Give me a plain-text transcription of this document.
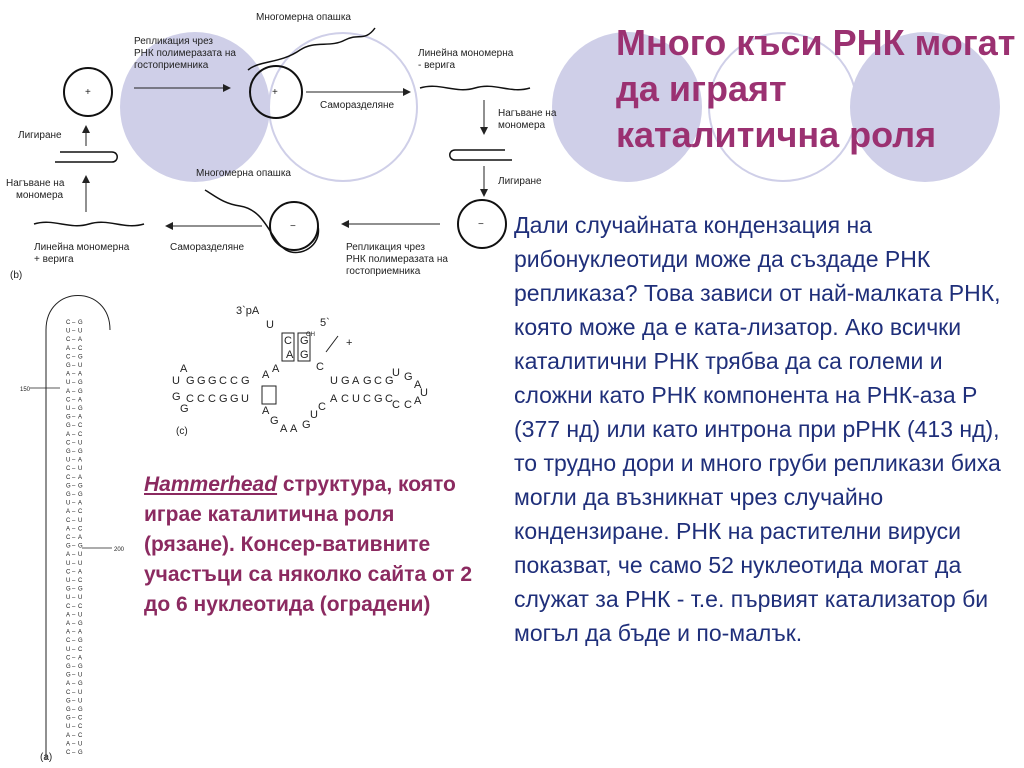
+
Репликация чрез
РНК полимеразата на
гостоприемника
+
Многомерна опашка
Саморазделяне
Линейна мономерна
- верига
Нагъване на
мономера
Лигиране
−
Репликация чрез
РНК полимеразата на
гостоприемника
−
Многомерна опашка
Саморазделяне
Линейна мономерна
+ верига
Нагъване на
мономера
Лигиране
(b)
150
200
C G
–
A U
–
A C
–
U C
–
G C
–
G G
–
G U
–
C U
–
A G
–
G U
–
G G
–
C A
–
U C
–
C G
–
A A
–
A G
–
A U
–
C C
–
U U
–
G G
–
U C
–
C A
–
U U
–
A U
–
G G
–
C A
–
A C
–
C U
–
A C
–
U A
–
G G
–
G G
–
C A
–
C U
–
U A
–
G G
–
C U
–
A C
–
G C
–
G A
–
U G
–
C A
–
A G
–
U G
–
A A
–
G U
–
C G
–
A C
–
C A
–
U U
–
C G
–
(a)
3`pA
5`
OH
+
G G G C C G
C C C G G U
U G A G C G
A C U C G C
A
U
G
G
U G
A
U
C C A
U
C
A
G
G
A
A
A
G
A A G
U
C
C
(c)
Много къси РНК могат да играят каталитична роля

Hammerhead структура, която играе каталитична роля (рязане). Консер-вативните участъци са няколко сайта от 2 до 6 нуклеотида (оградени)

Дали случайната кондензация на рибонуклеотиди може да създаде РНК репликаза? Това зависи от най-малката РНК, която може да е ката-лизатор. Ако всички каталитични РНК трябва да са големи и сложни като РНК компонента на РНК-аза Р (377 нд) или като интрона при рРНК (413 нд), то трудно дори и много груби репликази биха могли да възникнат чрез случайно кондензиране. РНК на растителни вируси показват, че само 52 нуклеотида могат да служат за РНК - т.е. първият катализатор би могъл да бъде и по-малък.
